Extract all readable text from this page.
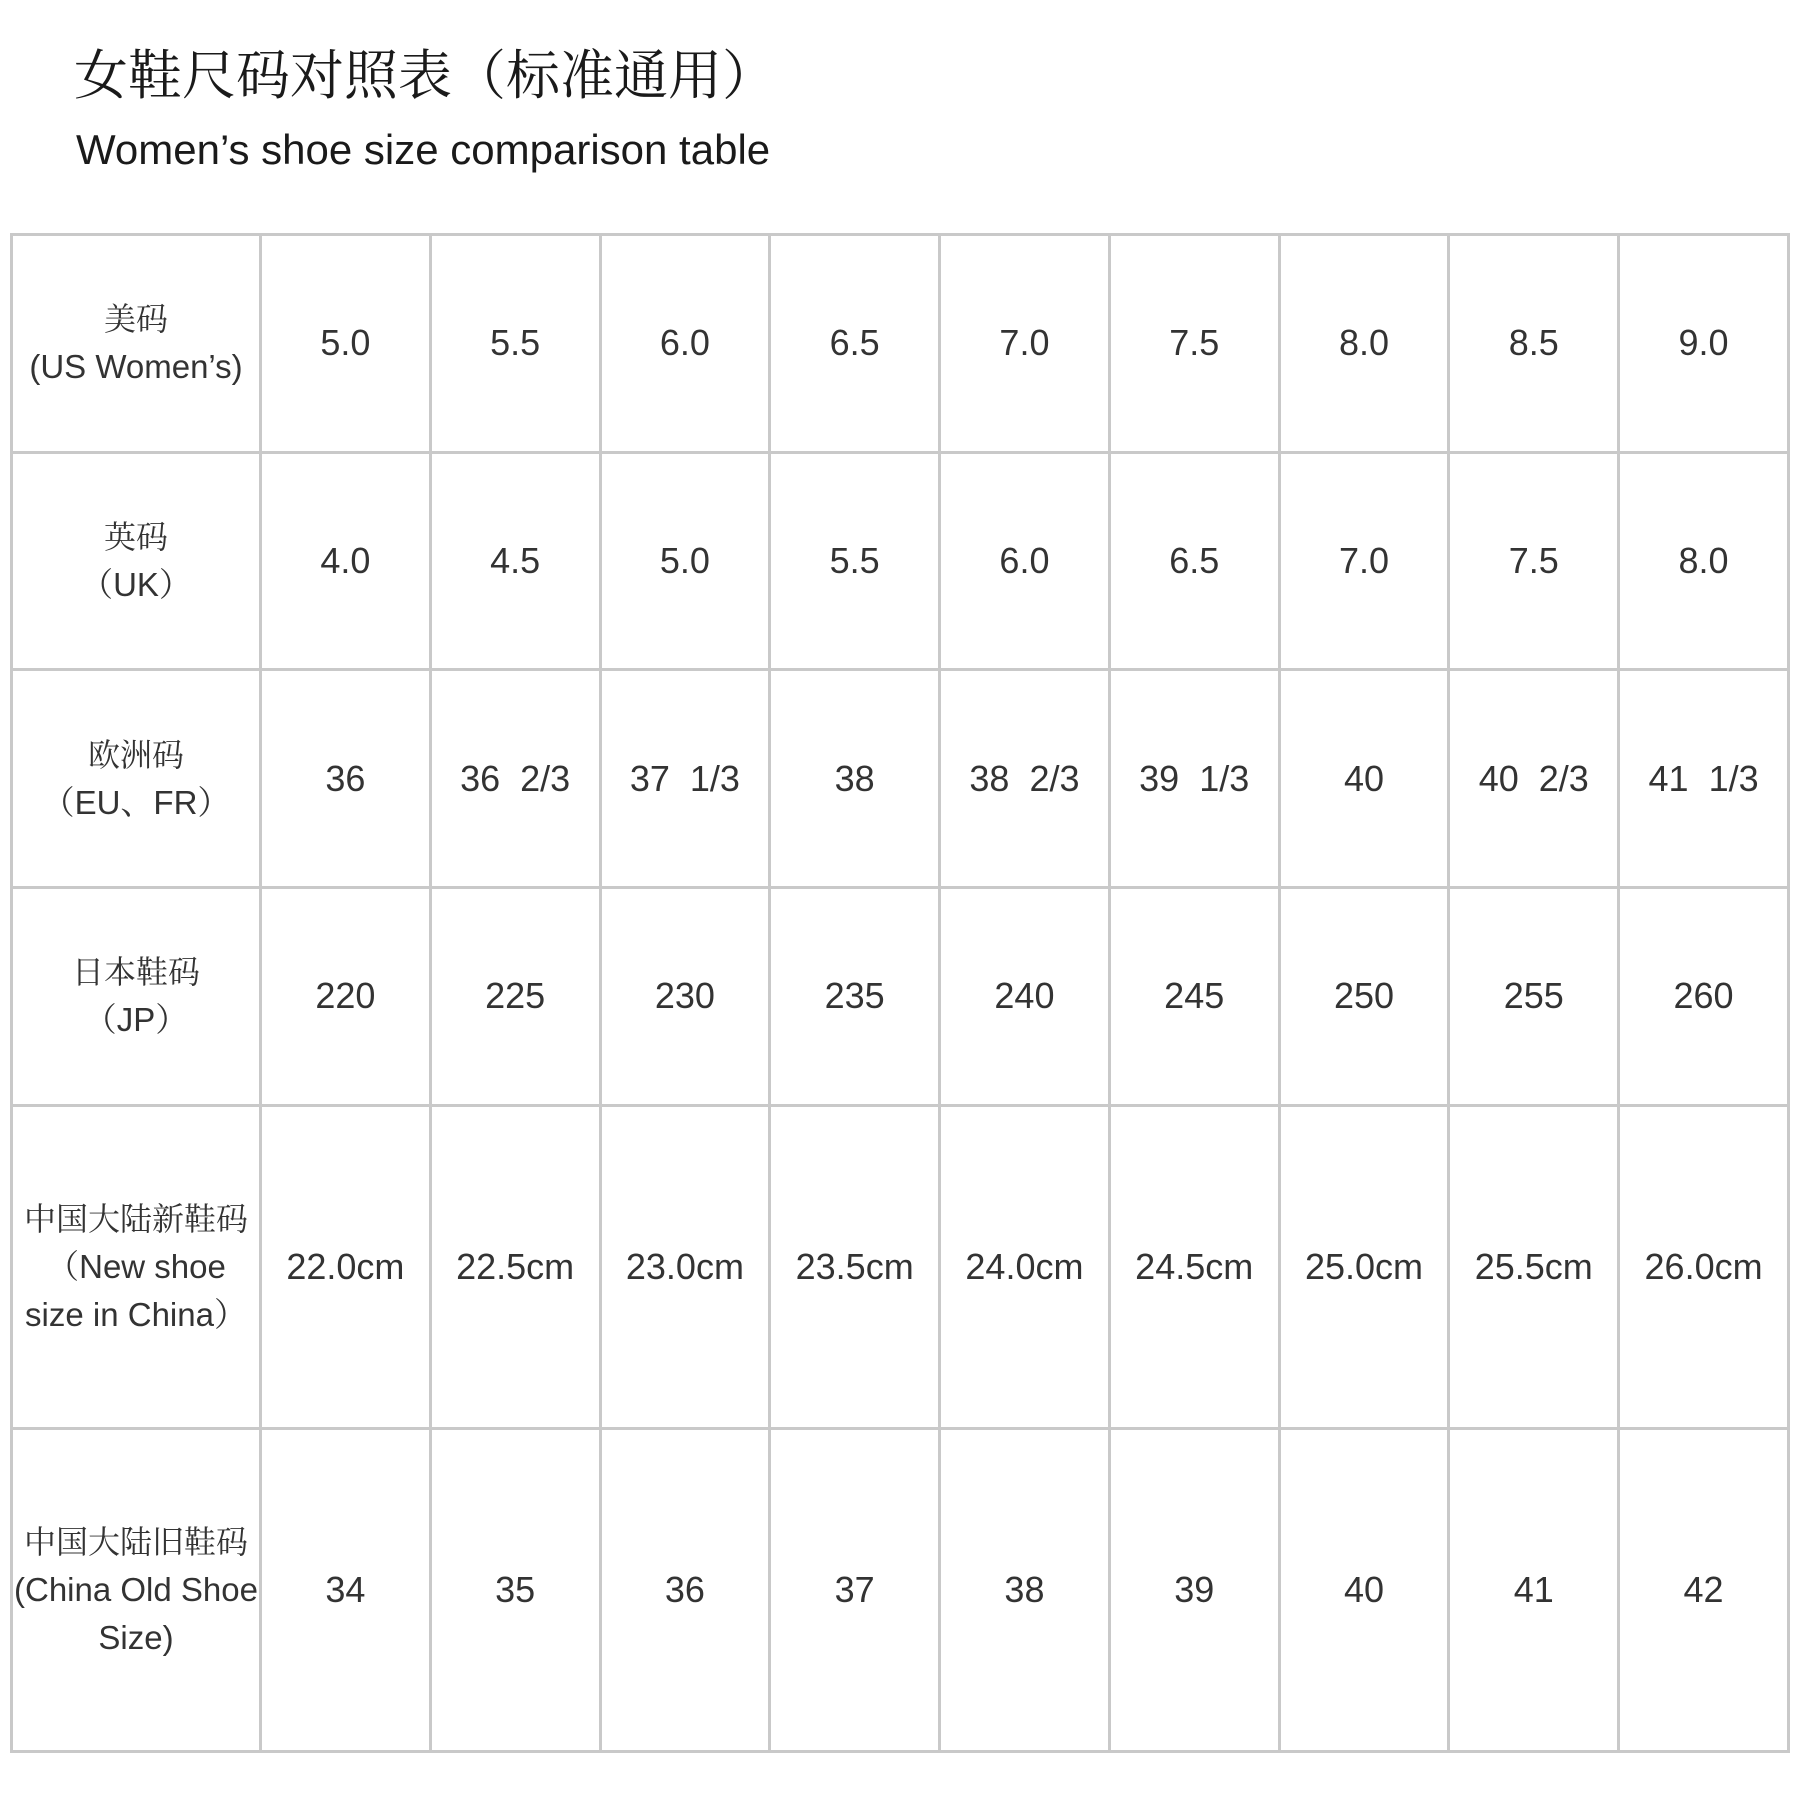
女鞋尺码对照表（标准通用）
Women’s shoe size comparison table
美码
(US Women’s)	5.0	5.5	6.0	6.5	7.0	7.5	8.0	8.5	9.0

英码
（UK）	4.0	4.5	5.0	5.5	6.0	6.5	7.0	7.5	8.0

欧洲码
（EU、FR）	36	36  2/3	37  1/3	38	38  2/3	39  1/3	40	40  2/3	41  1/3

日本鞋码
（JP）	220	225	230	235	240	245	250	255	260

中国大陆新鞋码
（New shoe size in China）	22.0cm	22.5cm	23.0cm	23.5cm	24.0cm	24.5cm	25.0cm	25.5cm	26.0cm

中国大陆旧鞋码
(China Old Shoe Size)	34	35	36	37	38	39	40	41	42
